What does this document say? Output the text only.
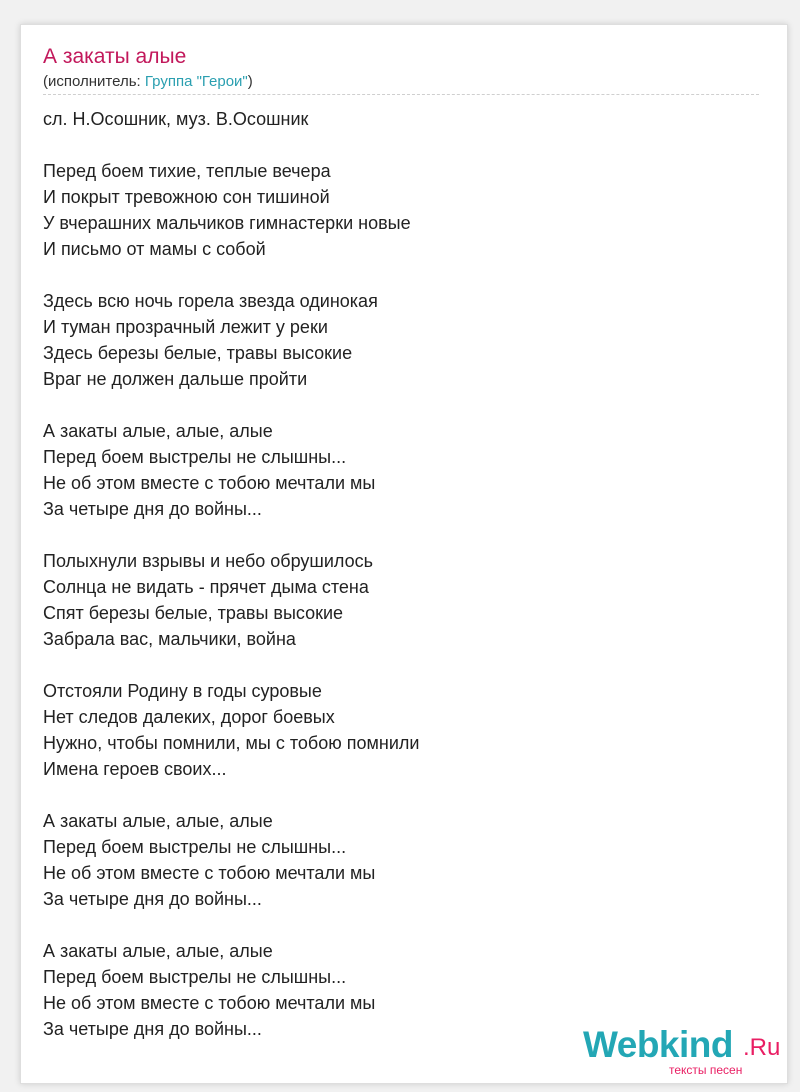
А закаты алые
(исполнитель: Группа "Герои")
сл. Н.Осошник, муз. В.Осошник
Перед боем тихие, теплые вечера
И покрыт тревожною сон тишиной
У вчерашних мальчиков гимнастерки новые
И письмо от мамы с собой
Здесь всю ночь горела звезда одинокая
И туман прозрачный лежит у реки
Здесь березы белые, травы высокие
Враг не должен дальше пройти
А закаты алые, алые, алые
Перед боем выстрелы не слышны...
Не об этом вместе с тобою мечтали мы
За четыре дня до войны...
Полыхнули взрывы и небо обрушилось
Солнца не видать - прячет дыма стена
Спят березы белые, травы высокие
Забрала вас, мальчики, война
Отстояли Родину в годы суровые
Нет следов далеких, дорог боевых
Нужно, чтобы помнили, мы с тобою помнили
Имена героев своих...
А закаты алые, алые, алые
Перед боем выстрелы не слышны...
Не об этом вместе с тобою мечтали мы
За четыре дня до войны...
А закаты алые, алые, алые
Перед боем выстрелы не слышны...
Не об этом вместе с тобою мечтали мы
За четыре дня до войны...	Webkind .Ru
тексты песен
